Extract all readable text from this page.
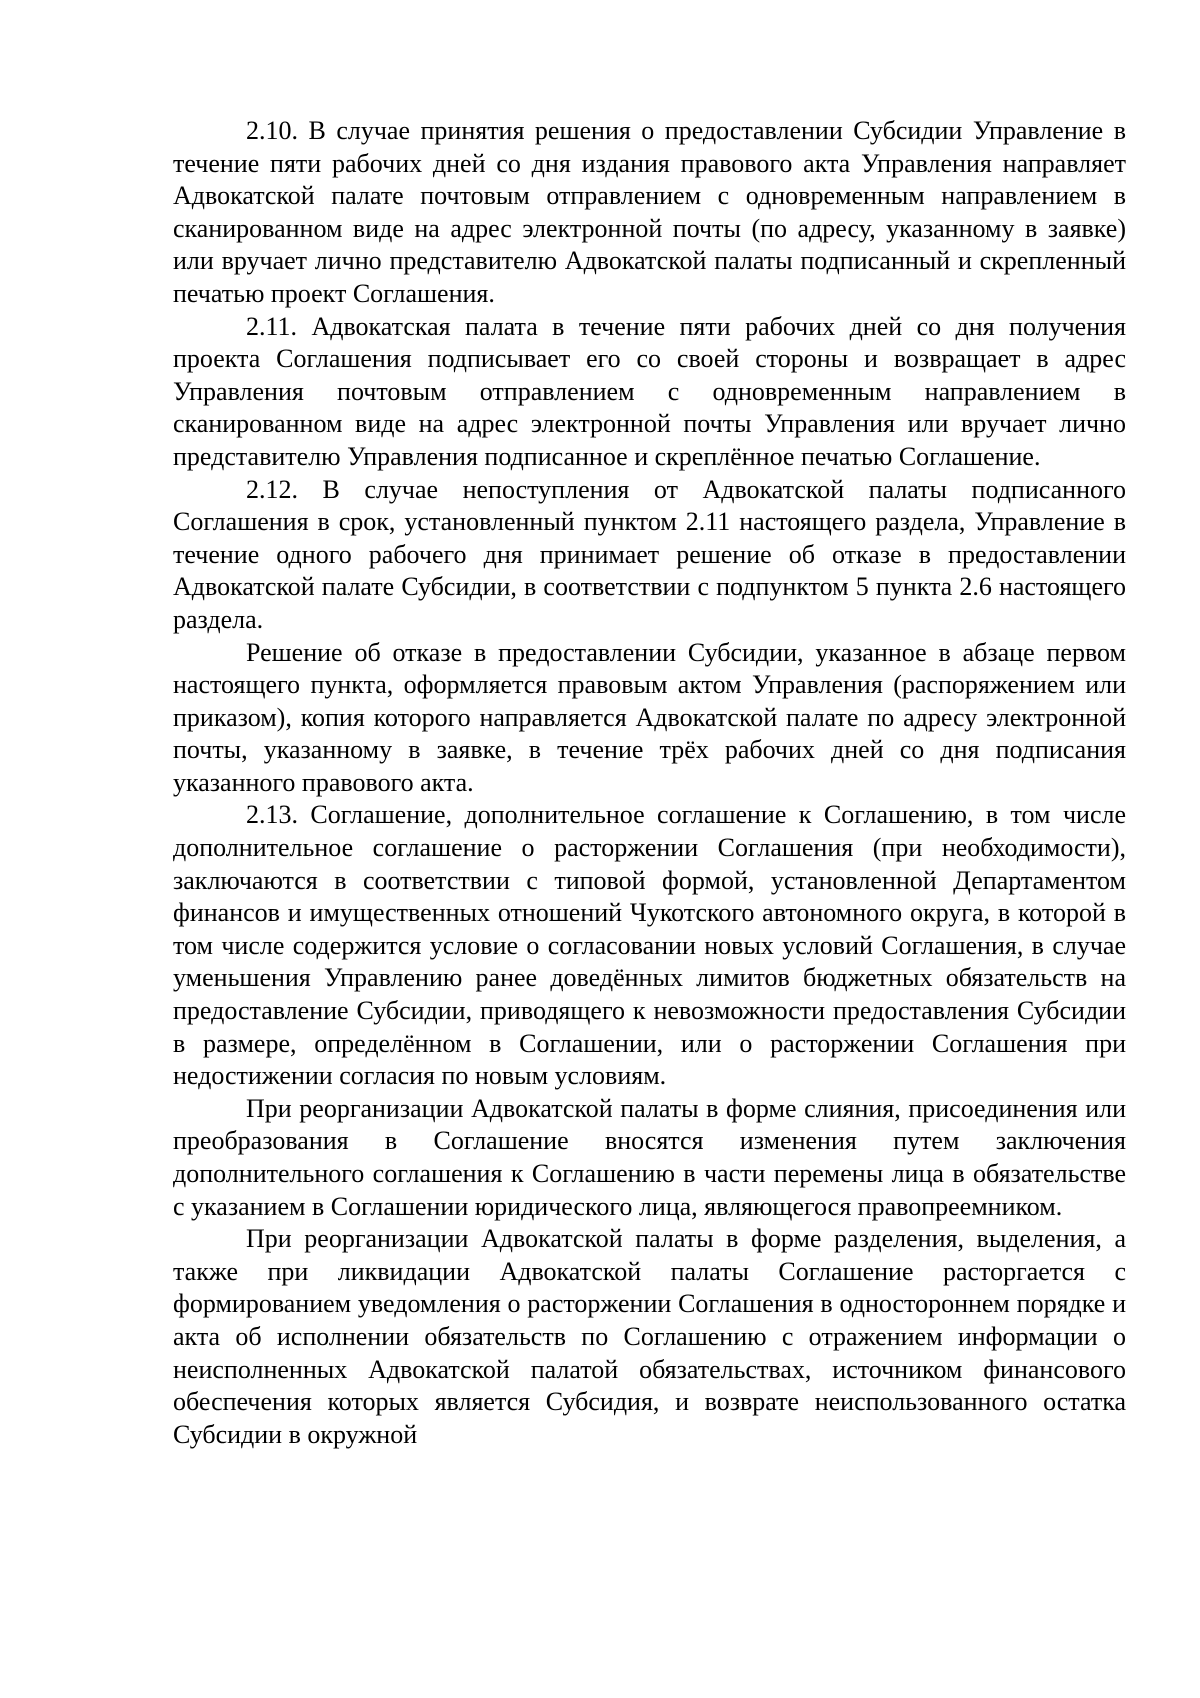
2.10. В случае принятия решения о предоставлении Субсидии Управление в течение пяти рабочих дней со дня издания правового акта Управления направляет Адвокатской палате почтовым отправлением с одновременным направлением в сканированном виде на адрес электронной почты (по адресу, указанному в заявке) или вручает лично представителю Адвокатской палаты подписанный и скрепленный печатью проект Соглашения.

2.11. Адвокатская палата в течение пяти рабочих дней со дня получения проекта Соглашения подписывает его со своей стороны и возвращает в адрес Управления почтовым отправлением с одновременным направлением в сканированном виде на адрес электронной почты Управления или вручает лично представителю Управления подписанное и скреплённое печатью Соглашение.

2.12. В случае непоступления от Адвокатской палаты подписанного Соглашения в срок, установленный пунктом 2.11 настоящего раздела, Управление в течение одного рабочего дня принимает решение об отказе в предоставлении Адвокатской палате Субсидии, в соответствии с подпунктом 5 пункта 2.6 настоящего раздела.

Решение об отказе в предоставлении Субсидии, указанное в абзаце первом настоящего пункта, оформляется правовым актом Управления (распоряжением или приказом), копия которого направляется Адвокатской палате по адресу электронной почты, указанному в заявке, в течение трёх рабочих дней со дня подписания указанного правового акта.

2.13. Соглашение, дополнительное соглашение к Соглашению, в том числе дополнительное соглашение о расторжении Соглашения (при необходимости), заключаются в соответствии с типовой формой, установленной Департаментом финансов и имущественных отношений Чукотского автономного округа, в которой в том числе содержится условие о согласовании новых условий Соглашения, в случае уменьшения Управлению ранее доведённых лимитов бюджетных обязательств на предоставление Субсидии, приводящего к невозможности предоставления Субсидии в размере, определённом в Соглашении, или о расторжении Соглашения при недостижении согласия по новым условиям.

При реорганизации Адвокатской палаты в форме слияния, присоединения или преобразования в Соглашение вносятся изменения путем заключения дополнительного соглашения к Соглашению в части перемены лица в обязательстве с указанием в Соглашении юридического лица, являющегося правопреемником.

При реорганизации Адвокатской палаты в форме разделения, выделения, а также при ликвидации Адвокатской палаты Соглашение расторгается с формированием уведомления о расторжении Соглашения в одностороннем порядке и акта об исполнении обязательств по Соглашению с отражением информации о неисполненных Адвокатской палатой обязательствах, источником финансового обеспечения которых является Субсидия, и возврате неиспользованного остатка Субсидии в окружной
